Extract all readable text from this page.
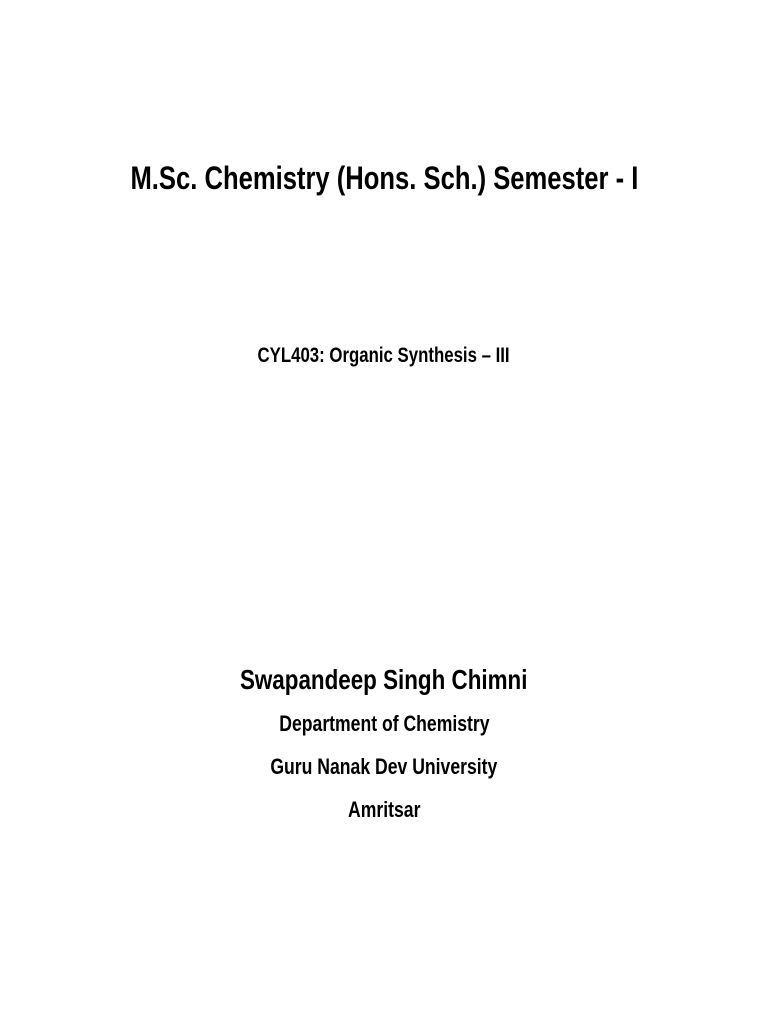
M.Sc. Chemistry (Hons. Sch.) Semester - I
CYL403: Organic Synthesis – III
Swapandeep Singh Chimni
Department of Chemistry
Guru Nanak Dev University
Amritsar
